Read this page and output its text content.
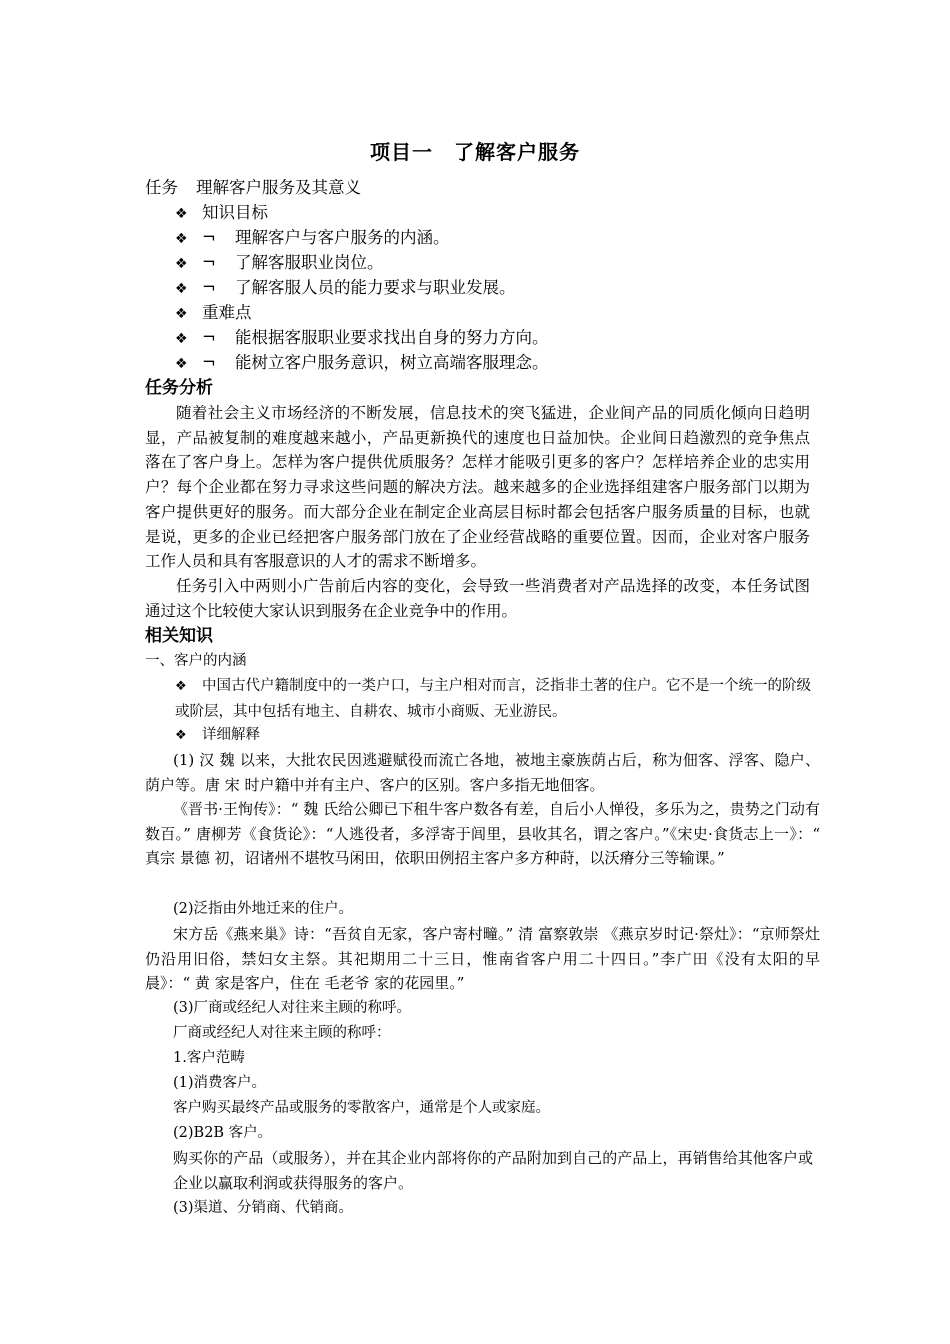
项目一　了解客户服务
任务 理解客户服务及其意义
❖ 知识目标
❖ ¬ 理解客户与客户服务的内涵。
❖ ¬ 了解客服职业岗位。
❖ ¬ 了解客服人员的能力要求与职业发展。
❖ 重难点
❖ ¬ 能根据客服职业要求找出自身的努力方向。
❖ ¬ 能树立客户服务意识，树立高端客服理念。
任务分析
随着社会主义市场经济的不断发展，信息技术的突飞猛进，企业间产品的同质化倾向日趋明显，产品被复制的难度越来越小，产品更新换代的速度也日益加快。企业间日趋激烈的竞争焦点落在了客户身上。怎样为客户提供优质服务？怎样才能吸引更多的客户？怎样培养企业的忠实用户？每个企业都在努力寻求这些问题的解决方法。越来越多的企业选择组建客户服务部门以期为客户提供更好的服务。而大部分企业在制定企业高层目标时都会包括客户服务质量的目标，也就是说，更多的企业已经把客户服务部门放在了企业经营战略的重要位置。因而，企业对客户服务工作人员和具有客服意识的人才的需求不断增多。
任务引入中两则小广告前后内容的变化，会导致一些消费者对产品选择的改变，本任务试图通过这个比较使大家认识到服务在企业竞争中的作用。
相关知识
一、客户的内涵
❖ 中国古代户籍制度中的一类户口，与主户相对而言，泛指非土著的住户。它不是一个统一的阶级或阶层，其中包括有地主、自耕农、城市小商贩、无业游民。
❖ 详细解释
(1) 汉 魏 以来，大批农民因逃避赋役而流亡各地，被地主豪族荫占后，称为佃客、浮客、隐户、荫户等。唐 宋 时户籍中并有主户、客户的区别。客户多指无地佃客。
《晋书·王恂传》：“ 魏 氏给公卿已下租牛客户数各有差，自后小人惮役，多乐为之，贵势之门动有数百。” 唐柳芳《食货论》：“人逃役者，多浮寄于闾里，县收其名，谓之客户。”《宋史·食货志上一》：“ 真宗 景德 初，诏诸州不堪牧马闲田，依职田例招主客户多方种莳，以沃瘠分三等输课。”
(2)泛指由外地迁来的住户。
宋方岳《燕来巢》诗：“吾贫自无家，客户寄村疃。” 清 富察敦崇 《燕京岁时记·祭灶》：“京师祭灶仍沿用旧俗，禁妇女主祭。其祀期用二十三日，惟南省客户用二十四日。”李广田《没有太阳的早晨》：“ 黄 家是客户，住在 毛老爷 家的花园里。”
(3)厂商或经纪人对往来主顾的称呼。
厂商或经纪人对往来主顾的称呼：
1.客户范畴
(1)消费客户。
客户购买最终产品或服务的零散客户，通常是个人或家庭。
(2)B2B 客户。
购买你的产品（或服务），并在其企业内部将你的产品附加到自己的产品上，再销售给其他客户或企业以赢取利润或获得服务的客户。
(3)渠道、分销商、代销商。
